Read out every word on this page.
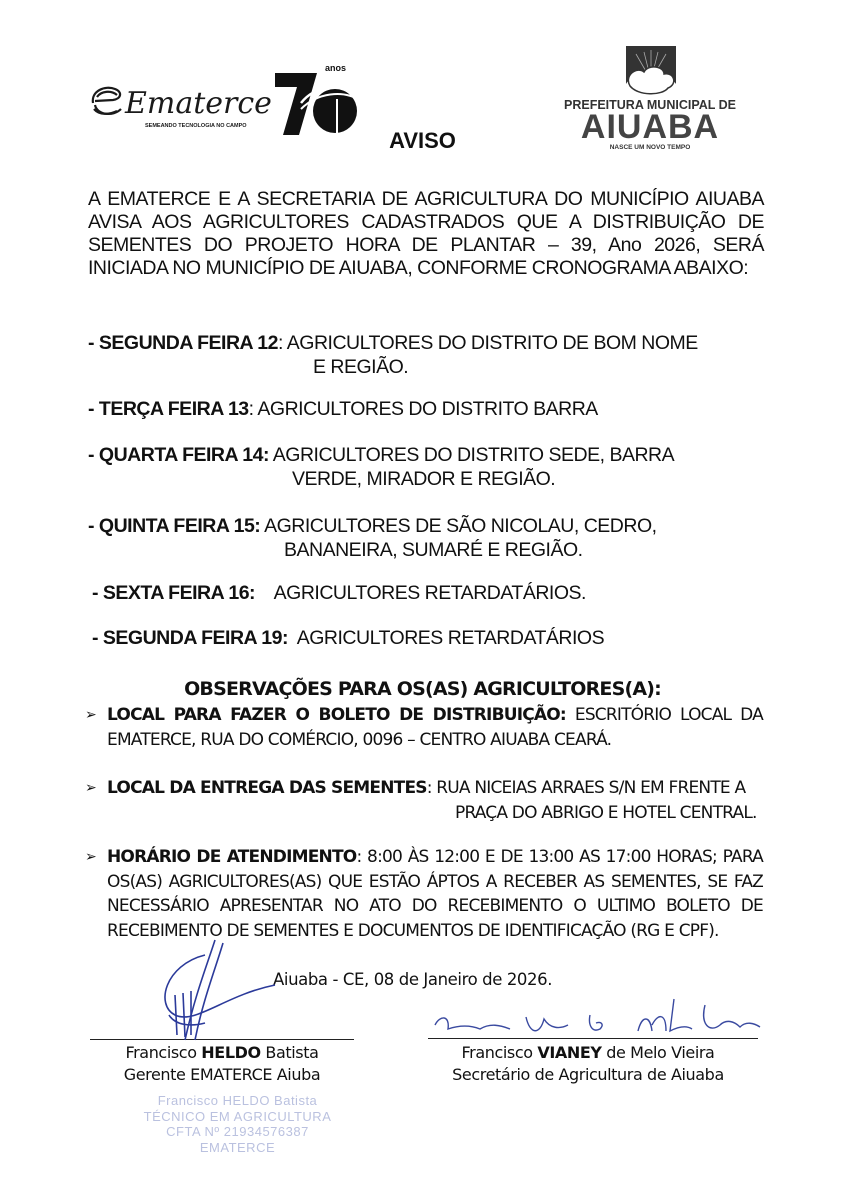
Ematerce
SEMEANDO TECNOLOGIA NO CAMPO
anos
PREFEITURA MUNICIPAL DE
AIUABA
NASCE UM NOVO TEMPO
AVISO
A EMATERCE E A SECRETARIA DE AGRICULTURA DO MUNICÍPIO AIUABA AVISA AOS AGRICULTORES CADASTRADOS QUE A DISTRIBUIÇÃO DE SEMENTES DO PROJETO HORA DE PLANTAR – 39, Ano 2026, SERÁ INICIADA NO MUNICÍPIO DE AIUABA, CONFORME CRONOGRAMA ABAIXO:
- SEGUNDA FEIRA 12: AGRICULTORES DO DISTRITO DE BOM NOME
E REGIÃO.
- TERÇA FEIRA 13: AGRICULTORES DO DISTRITO BARRA
- QUARTA FEIRA 14: AGRICULTORES DO DISTRITO SEDE, BARRA
VERDE, MIRADOR E REGIÃO.
- QUINTA FEIRA 15: AGRICULTORES DE SÃO NICOLAU, CEDRO,
BANANEIRA, SUMARÉ E REGIÃO.
- SEXTA FEIRA 16:    AGRICULTORES RETARDATÁRIOS.
- SEGUNDA FEIRA 19:  AGRICULTORES RETARDATÁRIOS
OBSERVAÇÕES PARA OS(AS) AGRICULTORES(A):
➢ LOCAL PARA FAZER O BOLETO DE DISTRIBUIÇÃO: ESCRITÓRIO LOCAL DA EMATERCE, RUA DO COMÉRCIO, 0096 – CENTRO AIUABA CEARÁ.
➢ LOCAL DA ENTREGA DAS SEMENTES: RUA NICEIAS ARRAES S/N EM FRENTE A
PRAÇA DO ABRIGO E HOTEL CENTRAL.
➢ HORÁRIO DE ATENDIMENTO: 8:00 ÀS 12:00 E DE 13:00 AS 17:00 HORAS; PARA OS(AS) AGRICULTORES(AS) QUE ESTÃO ÁPTOS A RECEBER AS SEMENTES, SE FAZ NECESSÁRIO APRESENTAR NO ATO DO RECEBIMENTO O ULTIMO BOLETO DE RECEBIMENTO DE SEMENTES E DOCUMENTOS DE IDENTIFICAÇÃO (RG E CPF).
Aiuaba - CE, 08 de Janeiro de 2026.
Francisco HELDO Batista
TÉCNICO EM AGRICULTURA
CFTA Nº 21934576387
EMATERCE
Francisco HELDO Batista
Gerente EMATERCE Aiuba
Francisco VIANEY de Melo Vieira
Secretário de Agricultura de Aiuaba
